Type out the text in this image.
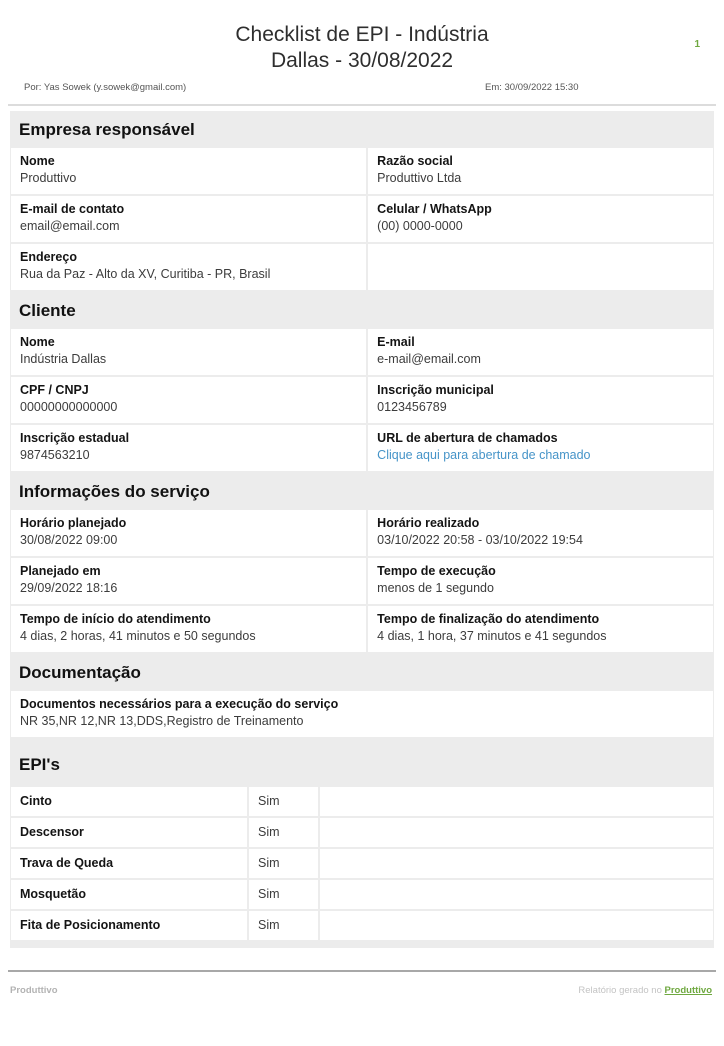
1
Checklist de EPI - Indústria
Dallas - 30/08/2022
Por: Yas Sowek (y.sowek@gmail.com)	Em: 30/09/2022 15:30
Empresa responsável
Nome
Produttivo
Razão social
Produttivo Ltda
E-mail de contato
email@email.com
Celular / WhatsApp
(00) 0000-0000
Endereço
Rua da Paz - Alto da XV, Curitiba - PR, Brasil
Cliente
Nome
Indústria Dallas
E-mail
e-mail@email.com
CPF / CNPJ
00000000000000
Inscrição municipal
0123456789
Inscrição estadual
9874563210
URL de abertura de chamados
Clique aqui para abertura de chamado
Informações do serviço
Horário planejado
30/08/2022 09:00
Horário realizado
03/10/2022 20:58 - 03/10/2022 19:54
Planejado em
29/09/2022 18:16
Tempo de execução
menos de 1 segundo
Tempo de início do atendimento
4 dias, 2 horas, 41 minutos e 50 segundos
Tempo de finalização do atendimento
4 dias, 1 hora, 37 minutos e 41 segundos
Documentação
Documentos necessários para a execução do serviço
NR 35,NR 12,NR 13,DDS,Registro de Treinamento
EPI's
Cinto	Sim
Descensor	Sim
Trava de Queda	Sim
Mosquetão	Sim
Fita de Posicionamento	Sim
Produttivo	Relatório gerado no Produttivo
